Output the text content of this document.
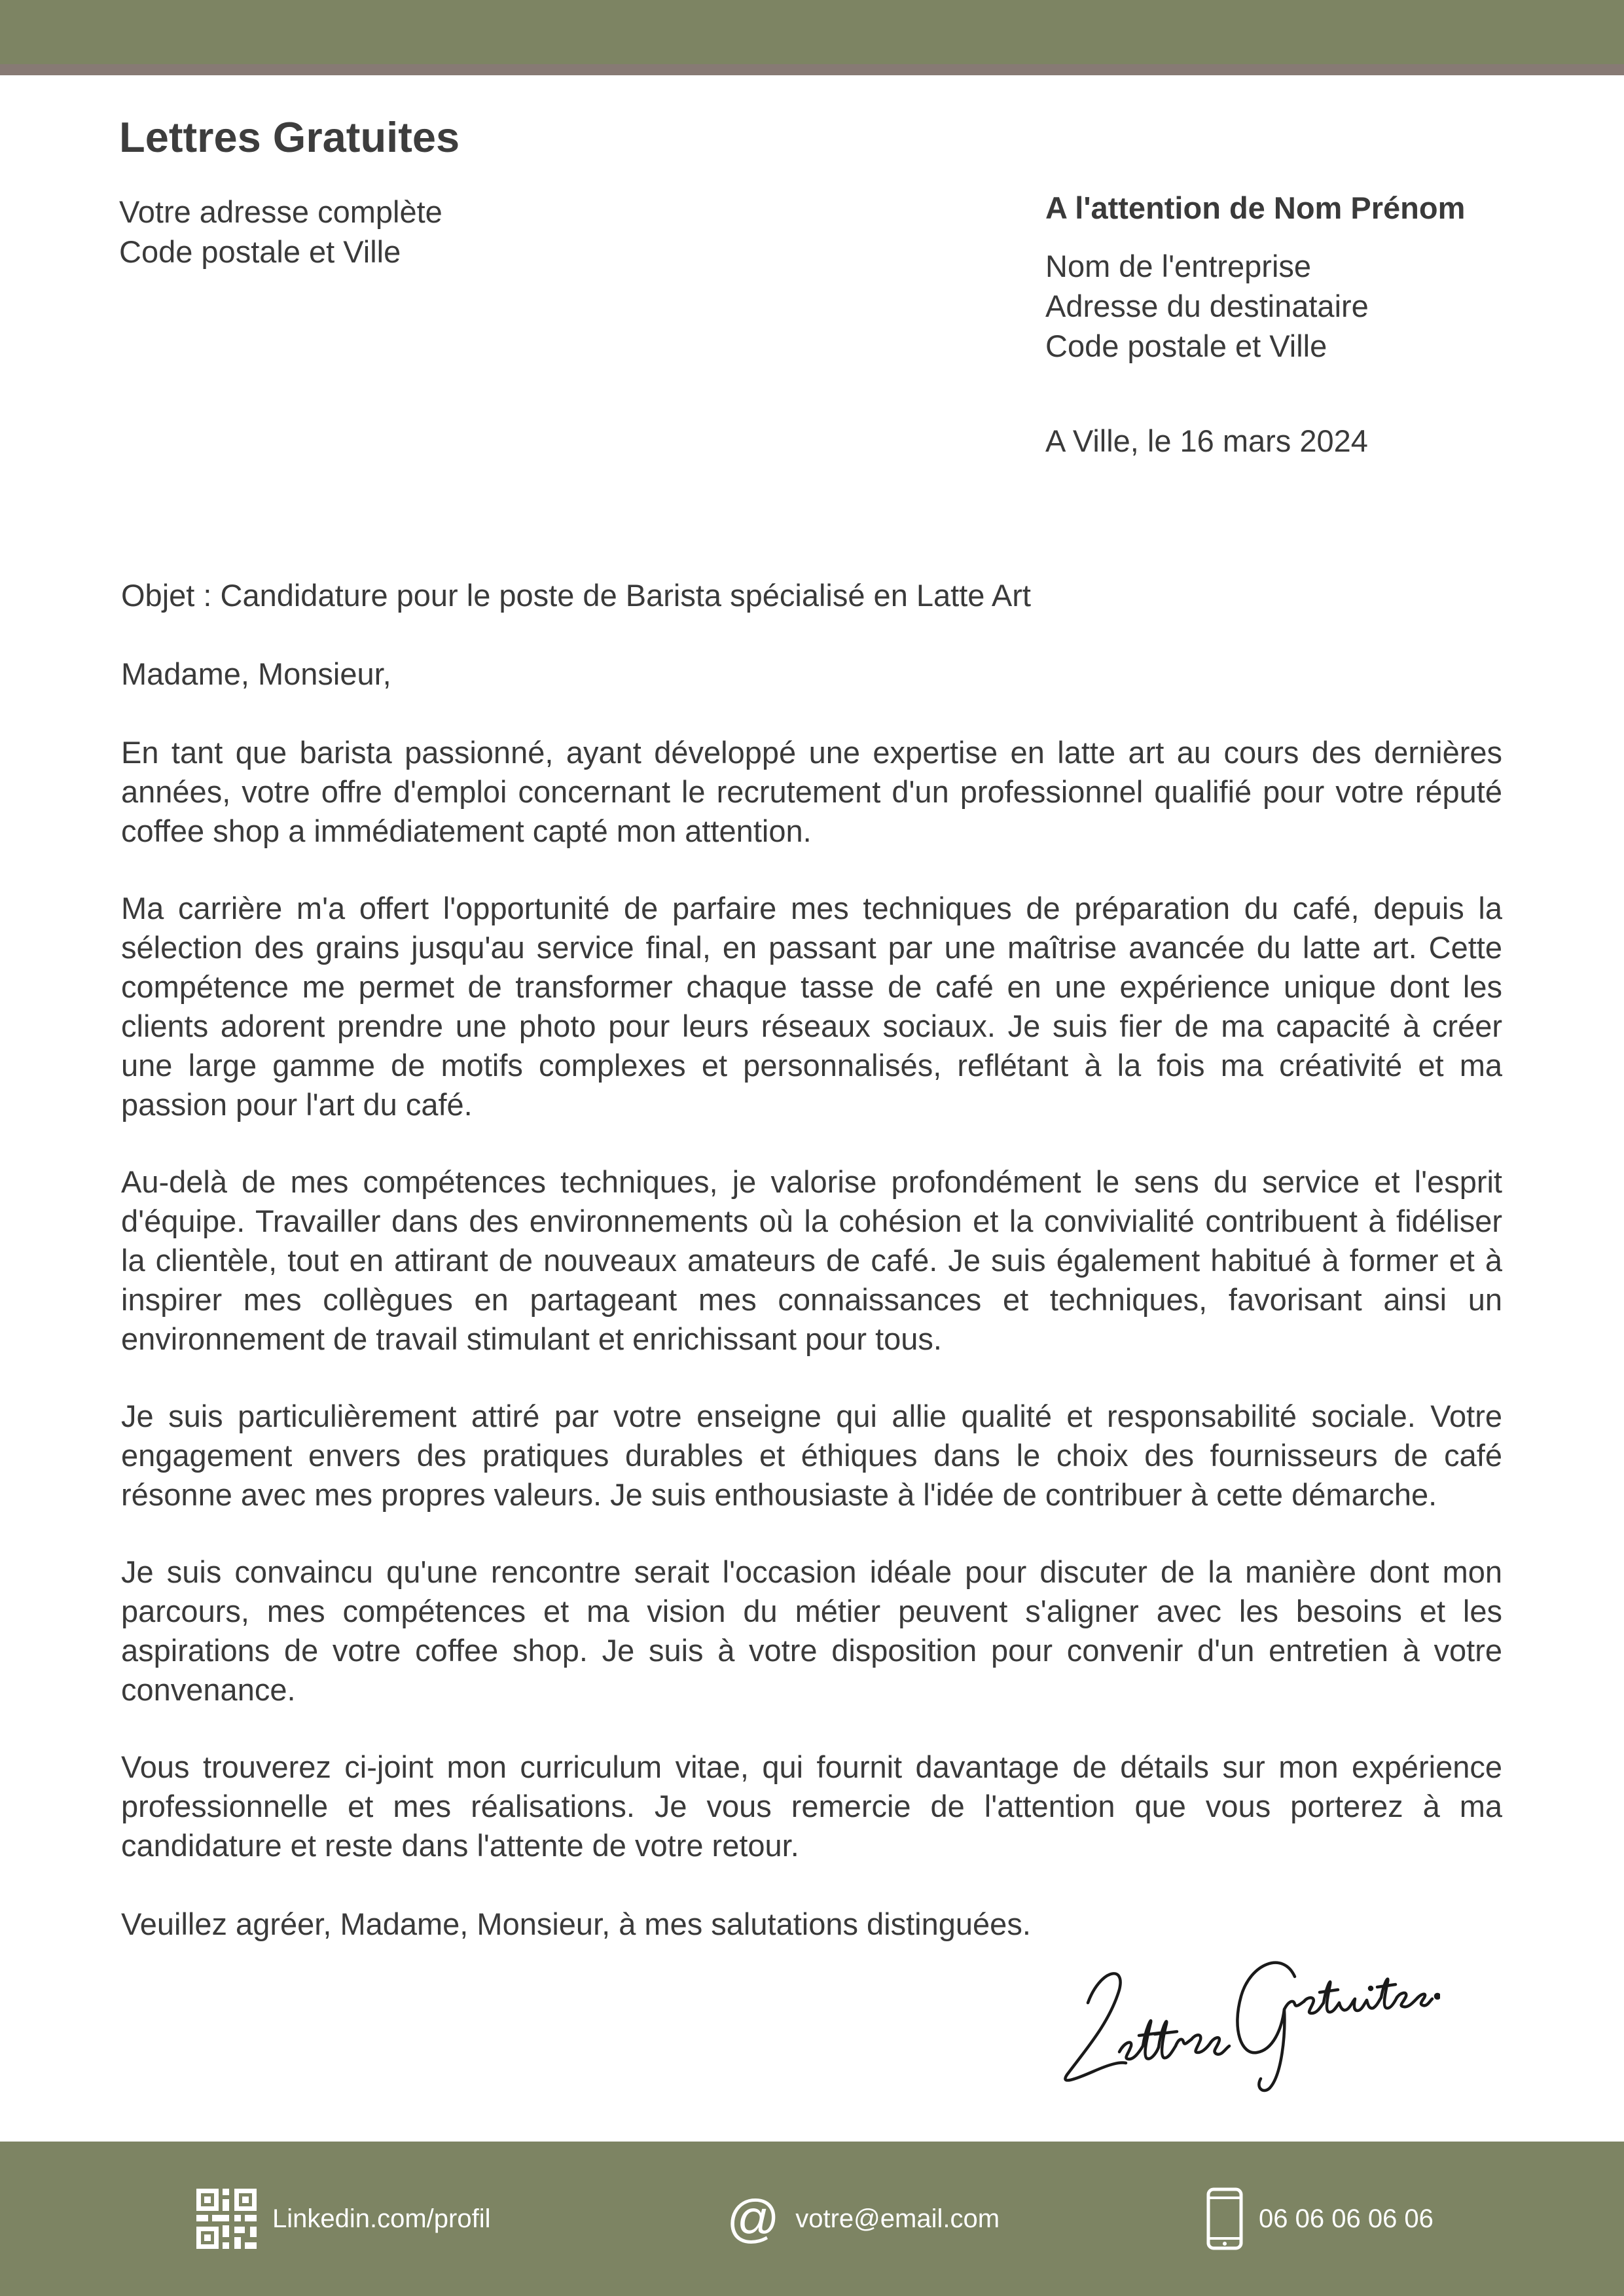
Lettres Gratuites
Votre adresse complète
Code postale et Ville
A l'attention de Nom Prénom
Nom de l'entreprise
Adresse du destinataire
Code postale et Ville
A Ville, le 16 mars 2024
Objet : Candidature pour le poste de Barista spécialisé en Latte Art
Madame, Monsieur,
En tant que barista passionné, ayant développé une expertise en latte art au cours des dernières années, votre offre d'emploi concernant le recrutement d'un professionnel qualifié pour votre réputé coffee shop a immédiatement capté mon attention.
Ma carrière m'a offert l'opportunité de parfaire mes techniques de préparation du café, depuis la sélection des grains jusqu'au service final, en passant par une maîtrise avancée du latte art. Cette compétence me permet de transformer chaque tasse de café en une expérience unique dont les clients adorent prendre une photo pour leurs réseaux sociaux. Je suis fier de ma capacité à créer une large gamme de motifs complexes et personnalisés, reflétant à la fois ma créativité et ma passion pour l'art du café.
Au-delà de mes compétences techniques, je valorise profondément le sens du service et l'esprit d'équipe. Travailler dans des environnements où la cohésion et la convivialité contribuent à fidéliser la clientèle, tout en attirant de nouveaux amateurs de café. Je suis également habitué à former et à inspirer mes collègues en partageant mes connaissances et techniques, favorisant ainsi un environnement de travail stimulant et enrichissant pour tous.
Je suis particulièrement attiré par votre enseigne qui allie qualité et responsabilité sociale. Votre engagement envers des pratiques durables et éthiques dans le choix des fournisseurs de café résonne avec mes propres valeurs. Je suis enthousiaste à l'idée de contribuer à cette démarche.
Je suis convaincu qu'une rencontre serait l'occasion idéale pour discuter de la manière dont mon parcours, mes compétences et ma vision du métier peuvent s'aligner avec les besoins et les aspirations de votre coffee shop. Je suis à votre disposition pour convenir d'un entretien à votre convenance.
Vous trouverez ci-joint mon curriculum vitae, qui fournit davantage de détails sur mon expérience professionnelle et mes réalisations. Je vous remercie de l'attention que vous porterez à ma candidature et reste dans l'attente de votre retour.
Veuillez agréer, Madame, Monsieur, à mes salutations distinguées.
Linkedin.com/profil	@ votre@email.com	06 06 06 06 06
